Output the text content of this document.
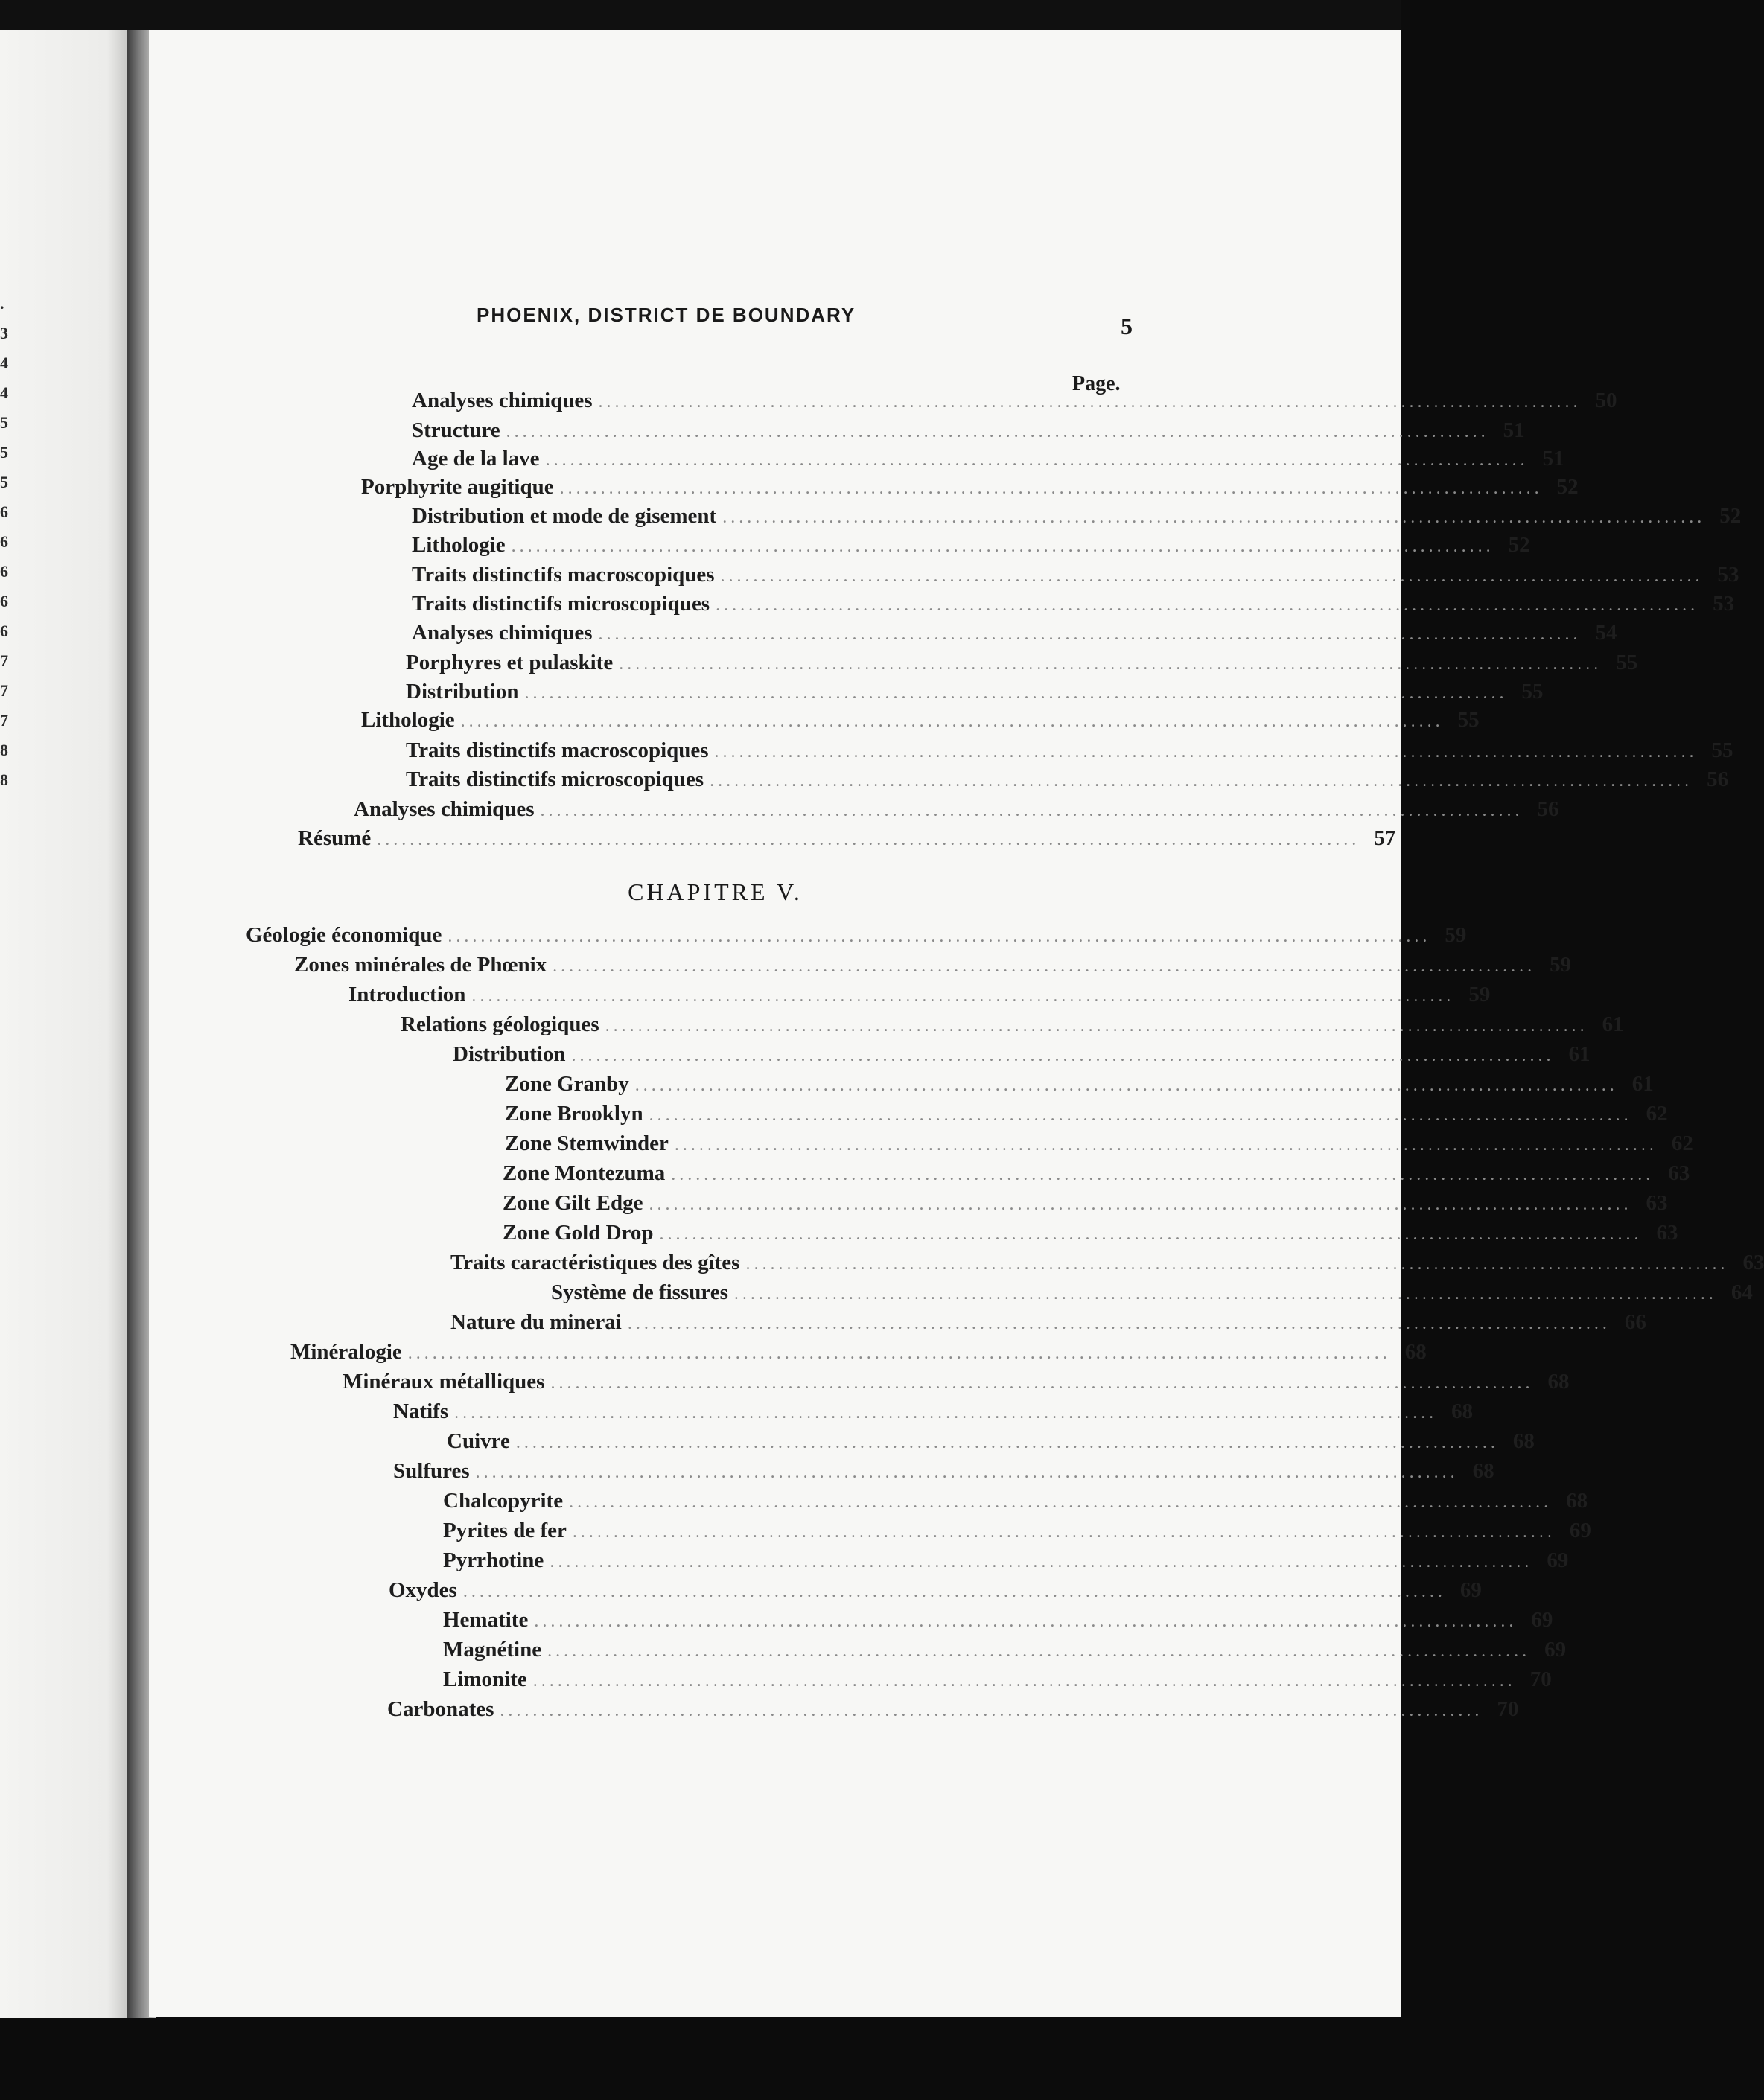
.
3
4
4
5
5
5
6
6
6
6
6
7
7
7
8
8
PHOENIX, DISTRICT DE BOUNDARY	5
Page.
CHAPITRE V.
Analyses chimiques ........................................................................................................................ 50
Structure ........................................................................................................................ 51
Age de la lave ........................................................................................................................ 51
Porphyrite augitique ........................................................................................................................ 52
Distribution et mode de gisement ........................................................................................................................ 52
Lithologie ........................................................................................................................ 52
Traits distinctifs macroscopiques ........................................................................................................................ 53
Traits distinctifs microscopiques ........................................................................................................................ 53
Analyses chimiques ........................................................................................................................ 54
Porphyres et pulaskite ........................................................................................................................ 55
Distribution ........................................................................................................................ 55
Lithologie ........................................................................................................................ 55
Traits distinctifs macroscopiques ........................................................................................................................ 55
Traits distinctifs microscopiques ........................................................................................................................ 56
Analyses chimiques ........................................................................................................................ 56
Résumé ........................................................................................................................ 57
Géologie économique ........................................................................................................................ 59
Zones minérales de Phœnix ........................................................................................................................ 59
Introduction ........................................................................................................................ 59
Relations géologiques ........................................................................................................................ 61
Distribution ........................................................................................................................ 61
Zone Granby ........................................................................................................................ 61
Zone Brooklyn ........................................................................................................................ 62
Zone Stemwinder ........................................................................................................................ 62
Zone Montezuma ........................................................................................................................ 63
Zone Gilt Edge ........................................................................................................................ 63
Zone Gold Drop ........................................................................................................................ 63
Traits caractéristiques des gîtes ........................................................................................................................ 63
Système de fissures ........................................................................................................................ 64
Nature du minerai ........................................................................................................................ 66
Minéralogie ........................................................................................................................ 68
Minéraux métalliques ........................................................................................................................ 68
Natifs ........................................................................................................................ 68
Cuivre ........................................................................................................................ 68
Sulfures ........................................................................................................................ 68
Chalcopyrite ........................................................................................................................ 68
Pyrites de fer ........................................................................................................................ 69
Pyrrhotine ........................................................................................................................ 69
Oxydes ........................................................................................................................ 69
Hematite ........................................................................................................................ 69
Magnétine ........................................................................................................................ 69
Limonite ........................................................................................................................ 70
Carbonates ........................................................................................................................ 70
